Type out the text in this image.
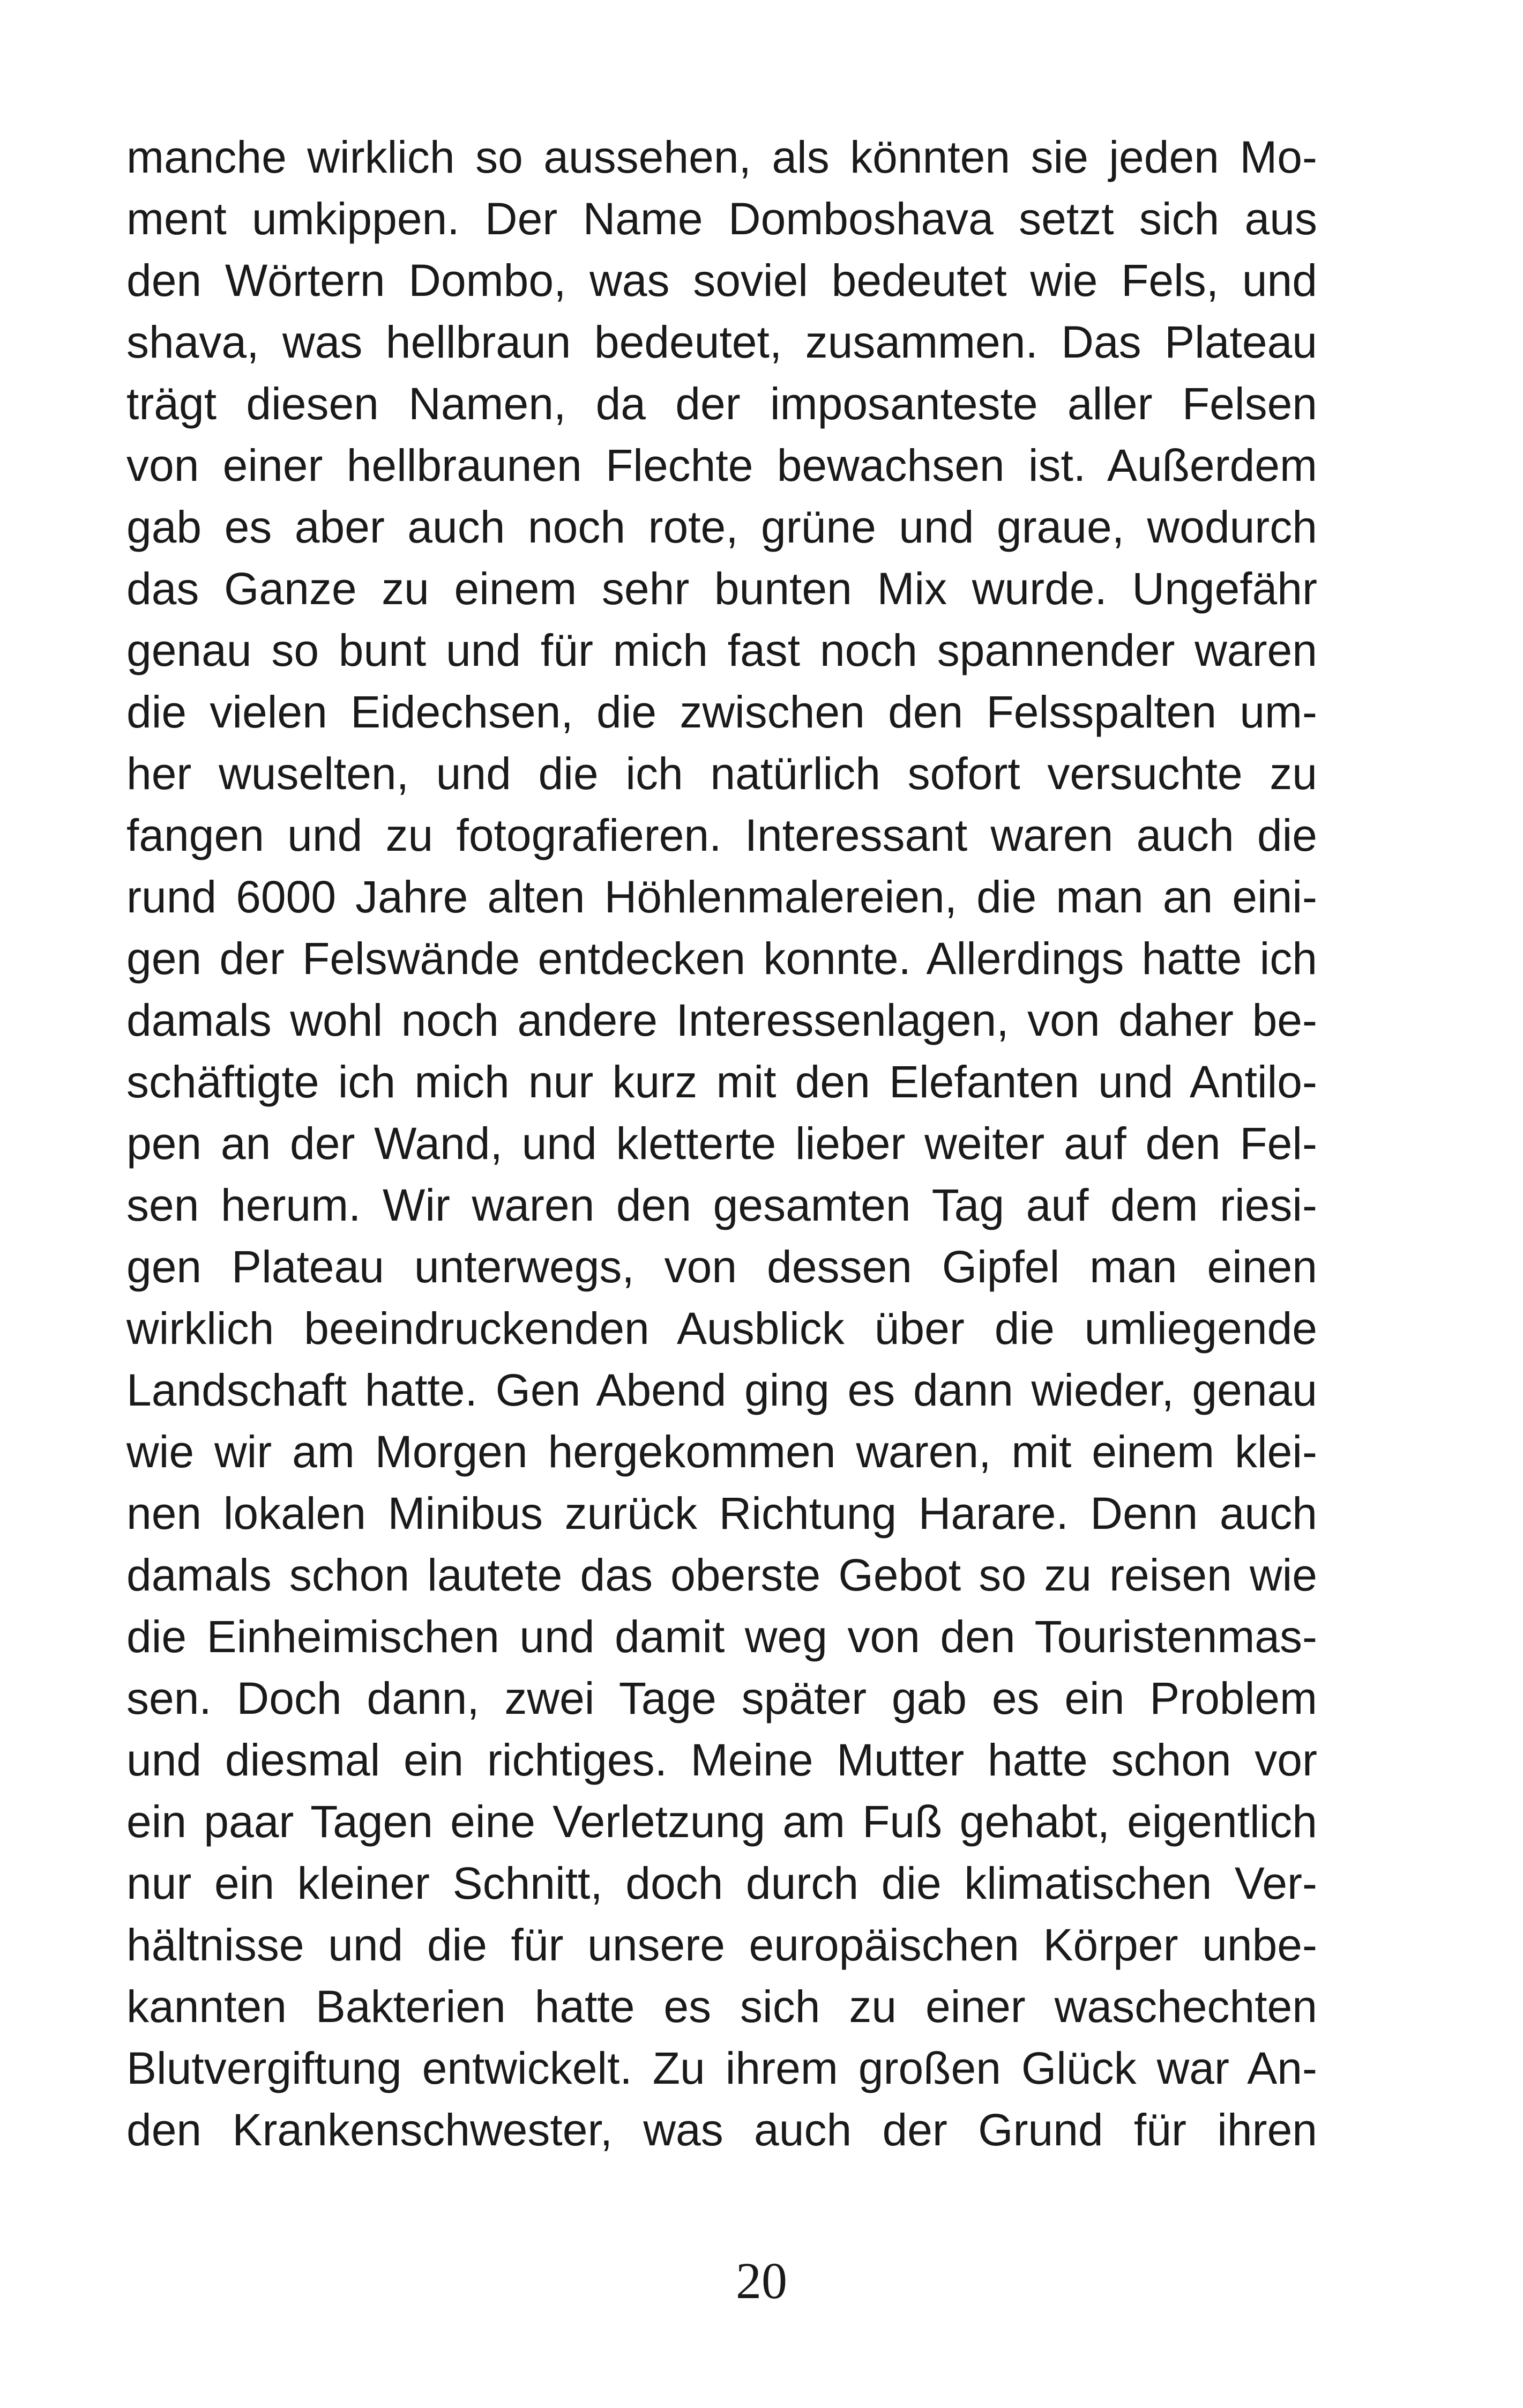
manche wirklich so aussehen, als könnten sie jeden Mo-
ment umkippen. Der Name Domboshava setzt sich aus
den Wörtern Dombo, was soviel bedeutet wie Fels, und
shava, was hellbraun bedeutet, zusammen. Das Plateau
trägt diesen Namen, da der imposanteste aller Felsen
von einer hellbraunen Flechte bewachsen ist. Außerdem
gab es aber auch noch rote, grüne und graue, wodurch
das Ganze zu einem sehr bunten Mix wurde. Ungefähr
genau so bunt und für mich fast noch spannender waren
die vielen Eidechsen, die zwischen den Felsspalten um-
her wuselten, und die ich natürlich sofort versuchte zu
fangen und zu fotografieren. Interessant waren auch die
rund 6000 Jahre alten Höhlenmalereien, die man an eini-
gen der Felswände entdecken konnte. Allerdings hatte ich
damals wohl noch andere Interessenlagen, von daher be-
schäftigte ich mich nur kurz mit den Elefanten und Antilo-
pen an der Wand, und kletterte lieber weiter auf den Fel-
sen herum. Wir waren den gesamten Tag auf dem riesi-
gen Plateau unterwegs, von dessen Gipfel man einen
wirklich beeindruckenden Ausblick über die umliegende
Landschaft hatte. Gen Abend ging es dann wieder, genau
wie wir am Morgen hergekommen waren, mit einem klei-
nen lokalen Minibus zurück Richtung Harare. Denn auch
damals schon lautete das oberste Gebot so zu reisen wie
die Einheimischen und damit weg von den Touristenmas-
sen. Doch dann, zwei Tage später gab es ein Problem
und diesmal ein richtiges. Meine Mutter hatte schon vor
ein paar Tagen eine Verletzung am Fuß gehabt, eigentlich
nur ein kleiner Schnitt, doch durch die klimatischen Ver-
hältnisse und die für unsere europäischen Körper unbe-
kannten Bakterien hatte es sich zu einer waschechten
Blutvergiftung entwickelt. Zu ihrem großen Glück war An-
den Krankenschwester, was auch der Grund für ihren
20
